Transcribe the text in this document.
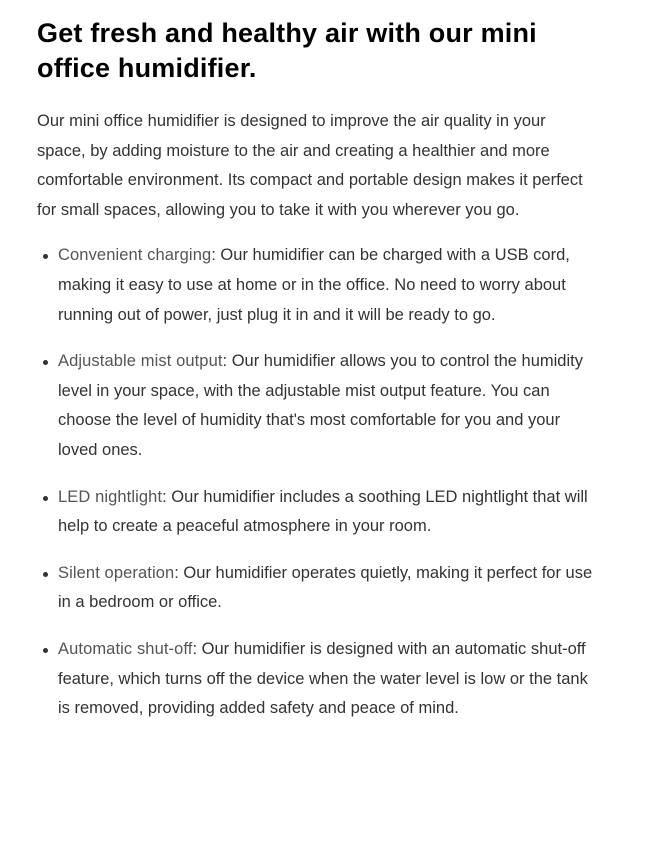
Get fresh and healthy air with our mini office humidifier.

Our mini office humidifier is designed to improve the air quality in your space, by adding moisture to the air and creating a healthier and more comfortable environment. Its compact and portable design makes it perfect for small spaces, allowing you to take it with you wherever you go.

Convenient charging: Our humidifier can be charged with a USB cord, making it easy to use at home or in the office. No need to worry about running out of power, just plug it in and it will be ready to go.
Adjustable mist output: Our humidifier allows you to control the humidity level in your space, with the adjustable mist output feature. You can choose the level of humidity that's most comfortable for you and your loved ones.
LED nightlight: Our humidifier includes a soothing LED nightlight that will help to create a peaceful atmosphere in your room.
Silent operation: Our humidifier operates quietly, making it perfect for use in a bedroom or office.
Automatic shut-off: Our humidifier is designed with an automatic shut-off feature, which turns off the device when the water level is low or the tank is removed, providing added safety and peace of mind.
